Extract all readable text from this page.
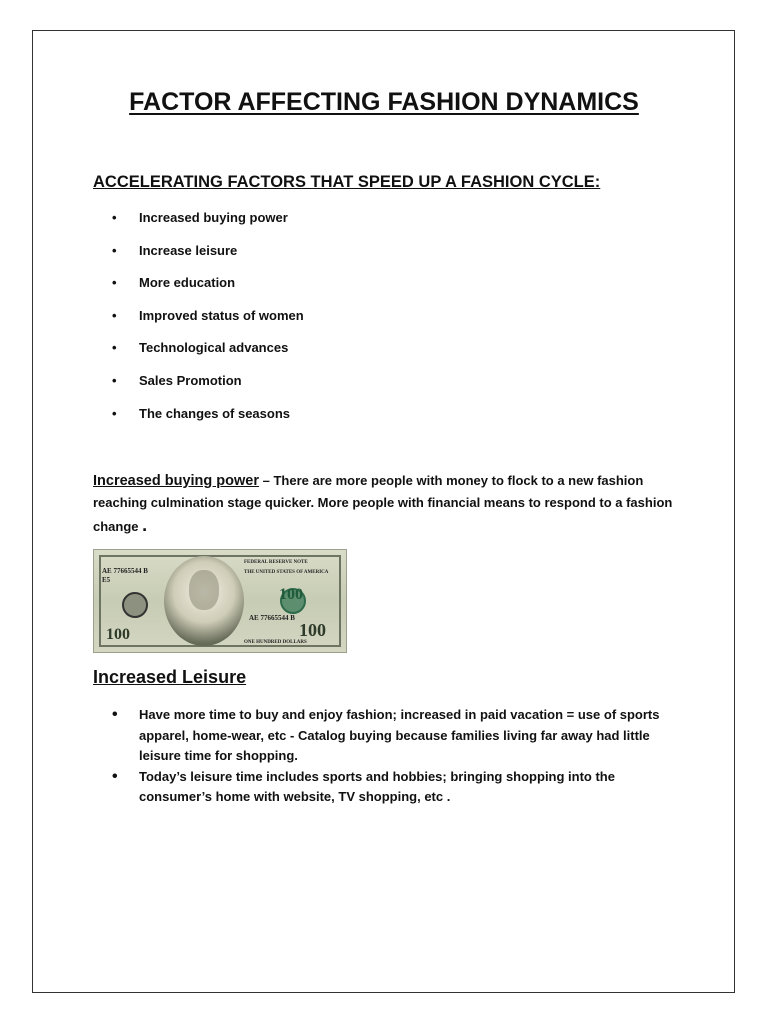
FACTOR AFFECTING FASHION DYNAMICS
ACCELERATING FACTORS THAT SPEED UP A FASHION CYCLE:
•	Increased buying power
•	Increase leisure
•	More education
•	Improved status of women
•	Technological advances
•	Sales Promotion
•	The changes of seasons

Increased buying power – There are more people with money to flock to a new fashion reaching culmination stage quicker. More people with financial means to respond to a fashion change .

AE 77665544 B
E5
FEDERAL RESERVE NOTE
THE UNITED STATES OF AMERICA
AE 77665544 B
ONE HUNDRED DOLLARS
100
100
100
Increased Leisure
•	Have more time to buy and enjoy fashion; increased in paid vacation = use of sports apparel, home-wear, etc - Catalog buying because families living far away had little leisure time for shopping.
•	Today’s leisure time includes sports and hobbies; bringing shopping into the consumer’s home with website, TV shopping, etc .
